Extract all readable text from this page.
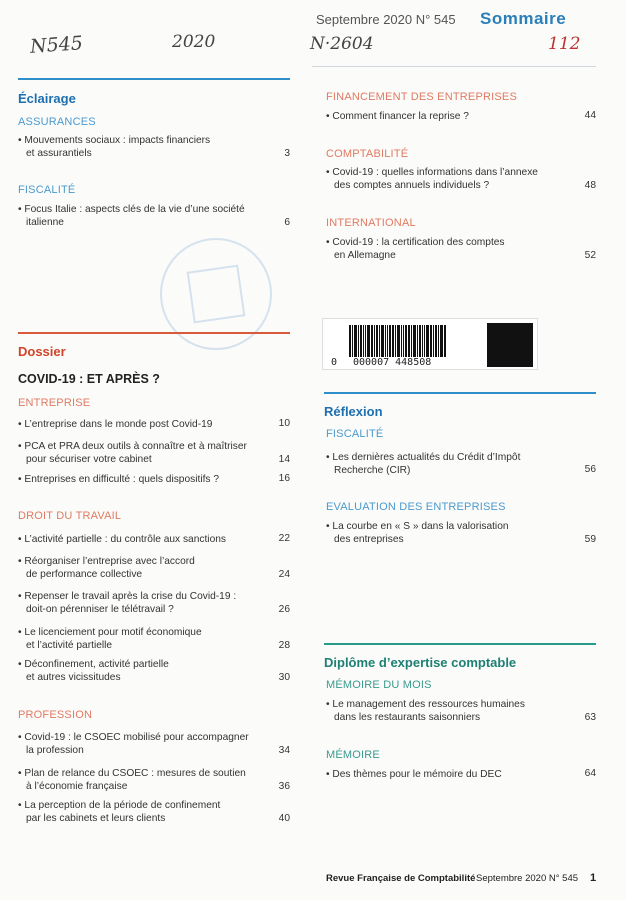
N545	2020	N·2604	112
Septembre 2020 N° 545 Sommaire
Éclairage
ASSURANCES
• Mouvements sociaux : impacts financiers
et assurantiels	3
FISCALITÉ
• Focus Italie : aspects clés de la vie d’une société
italienne	6
Dossier
COVID-19 : ET APRÈS ?
ENTREPRISE
• L’entreprise dans le monde post Covid-19	10
• PCA et PRA deux outils à connaître et à maîtriser
pour sécuriser votre cabinet	14
• Entreprises en difficulté : quels dispositifs ?	16
DROIT DU TRAVAIL
• L’activité partielle : du contrôle aux sanctions	22
• Réorganiser l’entreprise avec l’accord
de performance collective	24
• Repenser le travail après la crise du Covid-19 :
doit-on pérenniser le télétravail ?	26
• Le licenciement pour motif économique
et l’activité partielle	28
• Déconfinement, activité partielle
et autres vicissitudes	30
PROFESSION
• Covid-19 : le CSOEC mobilisé pour accompagner
la profession	34
• Plan de relance du CSOEC : mesures de soutien
à l’économie française	36
• La perception de la période de confinement
par les cabinets et leurs clients	40
FINANCEMENT DES ENTREPRISES
• Comment financer la reprise ?	44
COMPTABILITÉ
• Covid-19 : quelles informations dans l’annexe
des comptes annuels individuels ?	48
INTERNATIONAL
• Covid-19 : la certification des comptes
en Allemagne	52
0 000007 448508
Réflexion
FISCALITÉ
• Les dernières actualités du Crédit d’Impôt
Recherche (CIR)	56
EVALUATION DES ENTREPRISES
• La courbe en « S » dans la valorisation
des entreprises	59
Diplôme d’expertise comptable
MÉMOIRE DU MOIS
• Le management des ressources humaines
dans les restaurants saisonniers	63
MÉMOIRE
• Des thèmes pour le mémoire du DEC	64
Revue Française de Comptabilité Septembre 2020 N° 545 1
